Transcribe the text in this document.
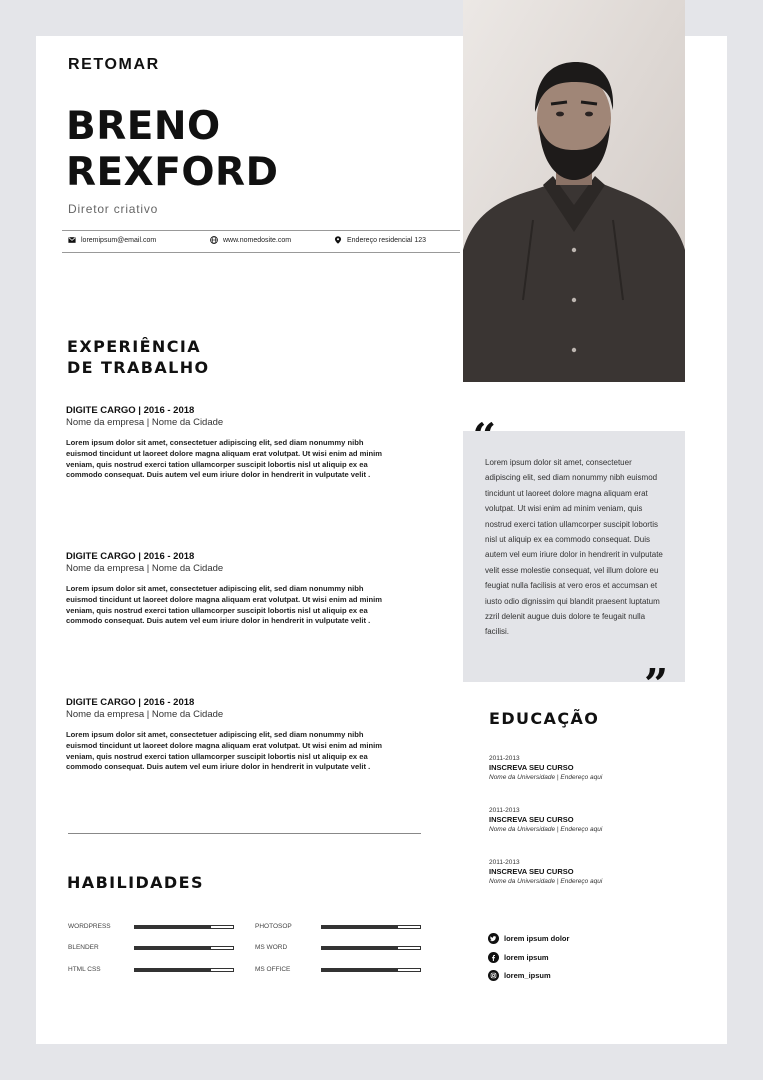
RETOMAR
BRENO
REXFORD
Diretor criativo
loremipsum@email.com	www.nomedosite.com	Endereço residencial 123
EXPERIÊNCIA
DE TRABALHO
DIGITE CARGO | 2016 - 2018
Nome da empresa | Nome da Cidade
Lorem ipsum dolor sit amet, consectetuer adipiscing elit, sed diam nonummy nibh euismod tincidunt ut laoreet dolore magna aliquam erat volutpat. Ut wisi enim ad minim veniam, quis nostrud exerci tation ullamcorper suscipit lobortis nisl ut aliquip ex ea commodo consequat. Duis autem vel eum iriure dolor in hendrerit in vulputate velit .
DIGITE CARGO | 2016 - 2018
Nome da empresa | Nome da Cidade
Lorem ipsum dolor sit amet, consectetuer adipiscing elit, sed diam nonummy nibh euismod tincidunt ut laoreet dolore magna aliquam erat volutpat. Ut wisi enim ad minim veniam, quis nostrud exerci tation ullamcorper suscipit lobortis nisl ut aliquip ex ea commodo consequat. Duis autem vel eum iriure dolor in hendrerit in vulputate velit .
DIGITE CARGO | 2016 - 2018
Nome da empresa | Nome da Cidade
Lorem ipsum dolor sit amet, consectetuer adipiscing elit, sed diam nonummy nibh euismod tincidunt ut laoreet dolore magna aliquam erat volutpat. Ut wisi enim ad minim veniam, quis nostrud exerci tation ullamcorper suscipit lobortis nisl ut aliquip ex ea commodo consequat. Duis autem vel eum iriure dolor in hendrerit in vulputate velit .
Lorem ipsum dolor sit amet, consectetuer adipiscing elit, sed diam nonummy nibh euismod tincidunt ut laoreet dolore magna aliquam erat volutpat. Ut wisi enim ad minim veniam, quis nostrud exerci tation ullamcorper suscipit lobortis nisl ut aliquip ex ea commodo consequat. Duis autem vel eum iriure dolor in hendrerit in vulputate velit esse molestie consequat, vel illum dolore eu feugiat nulla facilisis at vero eros et accumsan et iusto odio dignissim qui blandit praesent luptatum zzril delenit augue duis dolore te feugait nulla facilisi.
”
EDUCAÇÃO
2011-2013
INSCREVA SEU CURSO
Nome da Universidade | Endereço aqui
2011-2013
INSCREVA SEU CURSO
Nome da Universidade | Endereço aqui
2011-2013
INSCREVA SEU CURSO
Nome da Universidade | Endereço aqui
HABILIDADES
WORDPRESS	PHOTOSOP
BLENDER	MS WORD
HTML CSS	MS OFFICE
lorem ipsum dolor
lorem ipsum
lorem_ipsum
